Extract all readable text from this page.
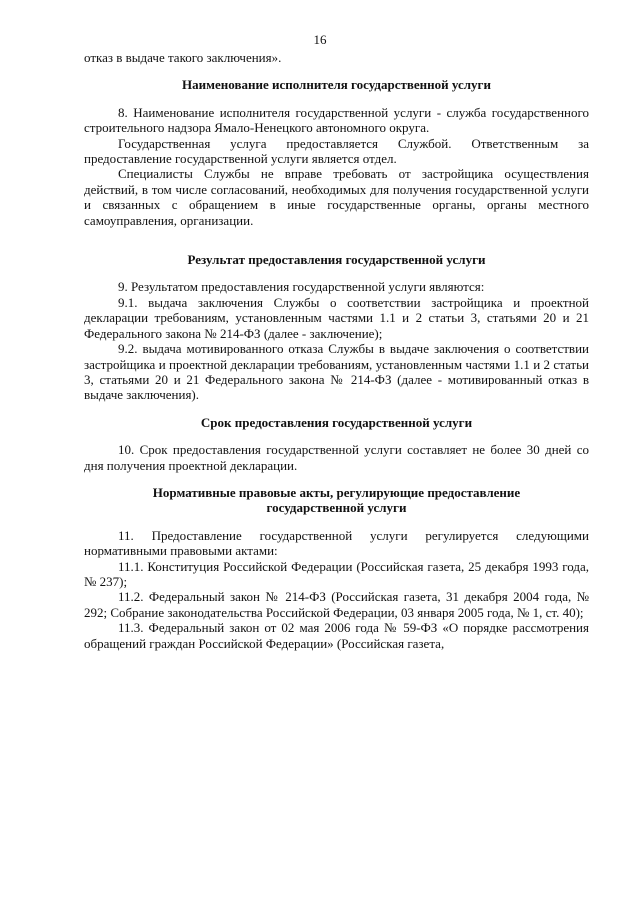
16

отказ в выдаче такого заключения».

Наименование исполнителя государственной услуги

8. Наименование исполнителя государственной услуги - служба государственного строительного надзора Ямало-Ненецкого автономного округа.

Государственная услуга предоставляется Службой. Ответственным за предоставление государственной услуги является отдел.

Специалисты Службы не вправе требовать от застройщика осуществления действий, в том числе согласований, необходимых для получения государственной услуги и связанных с обращением в иные государственные органы, органы местного самоуправления, организации.

Результат предоставления государственной услуги

9. Результатом предоставления государственной услуги являются:

9.1. выдача заключения Службы о соответствии застройщика и проектной декларации требованиям, установленным частями 1.1 и 2 статьи 3, статьями 20 и 21 Федерального закона № 214-ФЗ (далее - заключение);

9.2. выдача мотивированного отказа Службы в выдаче заключения о соответствии застройщика и проектной декларации требованиям, установленным частями 1.1 и 2 статьи 3, статьями 20 и 21 Федерального закона № 214-ФЗ (далее - мотивированный отказ в выдаче заключения).

Срок предоставления государственной услуги

10. Срок предоставления государственной услуги составляет не более 30 дней со дня получения проектной декларации.

Нормативные правовые акты, регулирующие предоставление
государственной услуги

11. Предоставление государственной услуги регулируется следующими нормативными правовыми актами:

11.1. Конституция Российской Федерации (Российская газета, 25 декабря 1993 года, № 237);

11.2. Федеральный закон № 214-ФЗ (Российская газета, 31 декабря 2004 года, № 292; Собрание законодательства Российской Федерации, 03 января 2005 года, № 1, ст. 40);

11.3. Федеральный закон от 02 мая 2006 года № 59-ФЗ «О порядке рассмотрения обращений граждан Российской Федерации» (Российская газета,
